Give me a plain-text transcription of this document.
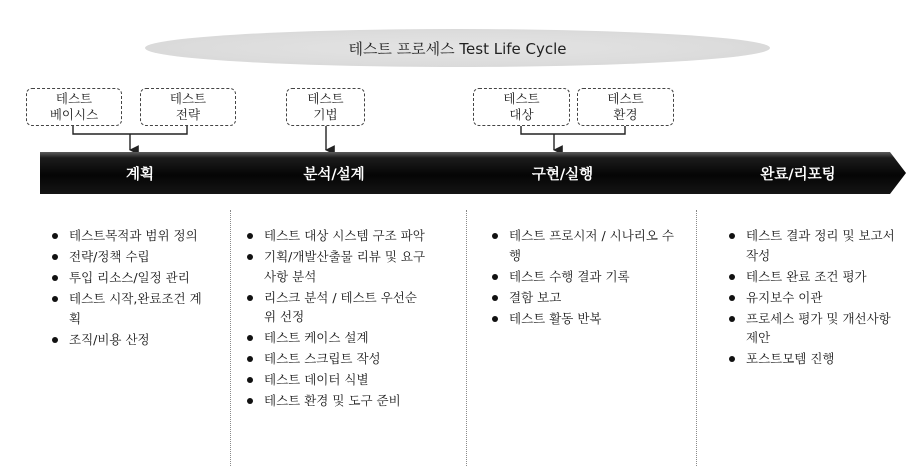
테스트 프로세스 Test Life Cycle
테스트
베이시스
테스트
전략
테스트
기법
테스트
대상
테스트
환경
계획	분석/설계	구현/실행	완료/리포팅
테스트목적과 범위 정의
전략/정책 수립
투입 리소스/일정 관리
테스트 시작,완료조건 계획
조직/비용 산정
테스트 대상 시스템 구조 파악
기획/개발산출물 리뷰 및 요구사항 분석
리스크 분석 / 테스트 우선순위 선정
테스트 케이스 설계
테스트 스크립트 작성
테스트 데이터 식별
테스트 환경 및 도구 준비
테스트 프로시저 / 시나리오 수행
테스트 수행 결과 기록
결함 보고
테스트 활동 반복
테스트 결과 정리 및 보고서 작성
테스트 완료 조건 평가
유지보수 이관
프로세스 평가 및 개선사항 제안
포스트모템 진행
